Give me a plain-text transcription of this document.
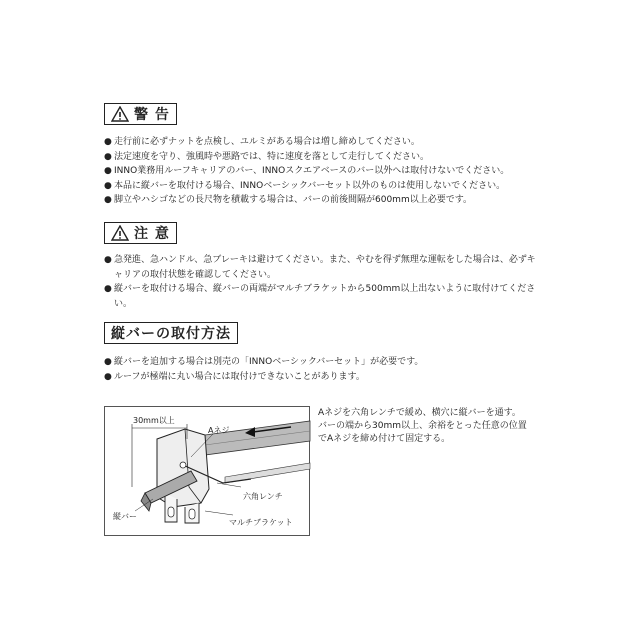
警 告
● 走行前に必ずナットを点検し、ユルミがある場合は増し締めしてください。
● 法定速度を守り、強風時や悪路では、特に速度を落として走行してください。
● INNO業務用ルーフキャリアのバー、INNOスクエアベースのバー以外へは取付けないでください。
● 本品に縦バーを取付ける場合、INNOベーシックバーセット以外のものは使用しないでください。
● 脚立やハシゴなどの長尺物を積載する場合は、バーの前後間隔が600mm以上必要です。
注 意
● 急発進、急ハンドル、急ブレーキは避けてください。また、やむを得ず無理な運転をした場合は、必ずキャリアの取付状態を確認してください。
● 縦バーを取付ける場合、縦バーの両端がマルチブラケットから500mm以上出ないように取付けてください。
縦バーの取付方法
● 縦バーを追加する場合は別売の「INNOベーシックバーセット」が必要です。
● ルーフが極端に丸い場合には取付けできないことがあります。
30mm以上
Aネジ
六角レンチ
縦バー
マルチブラケット
Aネジを六角レンチで緩め、横穴に縦バーを通す。バーの端から30mm以上、余裕をとった任意の位置でAネジを締め付けて固定する。
